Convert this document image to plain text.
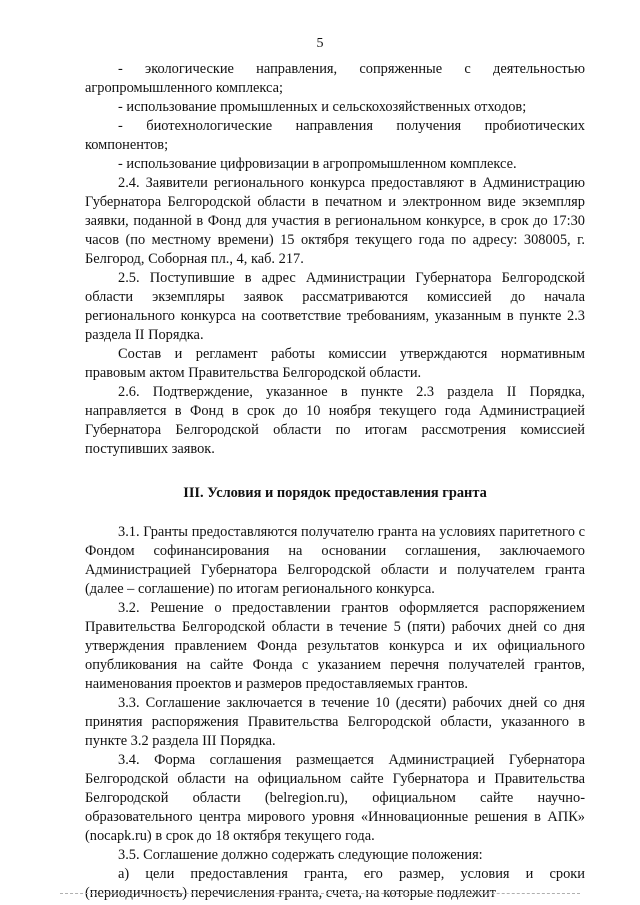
5

- экологические направления, сопряженные с деятельностью агропромышленного комплекса;

- использование промышленных и сельскохозяйственных отходов;

- биотехнологические направления получения пробиотических компонентов;

- использование цифровизации в агропромышленном комплексе.

2.4. Заявители регионального конкурса предоставляют в Администрацию Губернатора Белгородской области в печатном и электронном виде экземпляр заявки, поданной в Фонд для участия в региональном конкурсе, в срок до 17:30 часов (по местному времени) 15 октября текущего года по адресу: 308005, г. Белгород, Соборная пл., 4, каб. 217.

2.5. Поступившие в адрес Администрации Губернатора Белгородской области экземпляры заявок рассматриваются комиссией до начала регионального конкурса на соответствие требованиям, указанным в пункте 2.3 раздела II Порядка.

Состав и регламент работы комиссии утверждаются нормативным правовым актом Правительства Белгородской области.

2.6. Подтверждение, указанное в пункте 2.3 раздела II Порядка, направляется в Фонд в срок до 10 ноября текущего года Администрацией Губернатора Белгородской области по итогам рассмотрения комиссией поступивших заявок.

III. Условия и порядок предоставления гранта

3.1. Гранты предоставляются получателю гранта на условиях паритетного с Фондом софинансирования на основании соглашения, заключаемого Администрацией Губернатора Белгородской области и получателем гранта (далее – соглашение) по итогам регионального конкурса.

3.2. Решение о предоставлении грантов оформляется распоряжением Правительства Белгородской области в течение 5 (пяти) рабочих дней со дня утверждения правлением Фонда результатов конкурса и их официального опубликования на сайте Фонда с указанием перечня получателей грантов, наименования проектов и размеров предоставляемых грантов.

3.3. Соглашение заключается в течение 10 (десяти) рабочих дней со дня принятия распоряжения Правительства Белгородской области, указанного в пункте 3.2 раздела III Порядка.

3.4. Форма соглашения размещается Администрацией Губернатора Белгородской области на официальном сайте Губернатора и Правительства Белгородской области (belregion.ru), официальном сайте научно-образовательного центра мирового уровня «Инновационные решения в АПК» (nocapk.ru) в срок до 18 октября текущего года.

3.5. Соглашение должно содержать следующие положения:

а) цели предоставления гранта, его размер, условия и сроки (периодичность) перечисления гранта, счета, на которые подлежит
